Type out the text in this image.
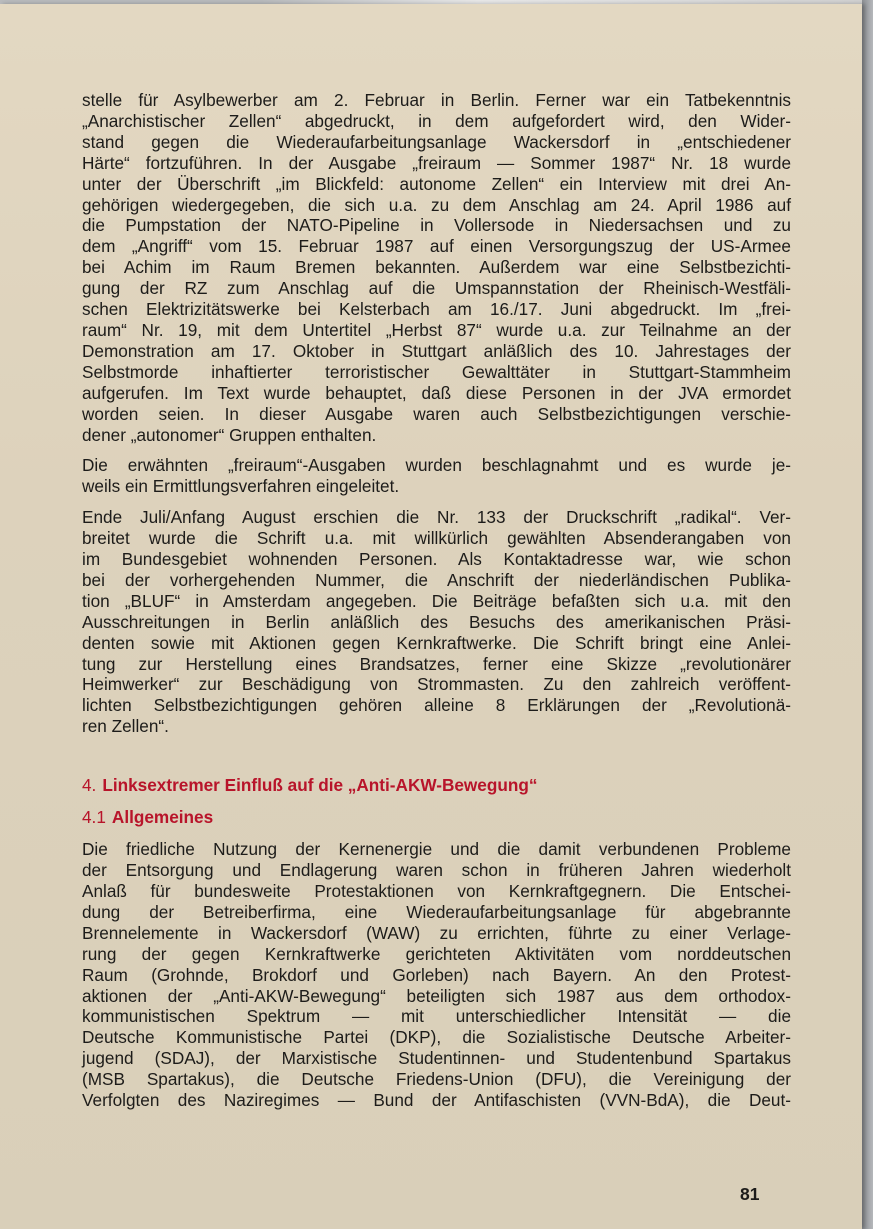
stelle für Asylbewerber am 2. Februar in Berlin. Ferner war ein Tatbekenntnis
„Anarchistischer Zellen“ abgedruckt, in dem aufgefordert wird, den Wider-
stand gegen die Wiederaufarbeitungsanlage Wackersdorf in „entschiedener
Härte“ fortzuführen. In der Ausgabe „freiraum — Sommer 1987“ Nr. 18 wurde
unter der Überschrift „im Blickfeld: autonome Zellen“ ein Interview mit drei An-
gehörigen wiedergegeben, die sich u.a. zu dem Anschlag am 24. April 1986 auf
die Pumpstation der NATO-Pipeline in Vollersode in Niedersachsen und zu
dem „Angriff“ vom 15. Februar 1987 auf einen Versorgungszug der US-Armee
bei Achim im Raum Bremen bekannten. Außerdem war eine Selbstbezichti-
gung der RZ zum Anschlag auf die Umspannstation der Rheinisch-Westfäli-
schen Elektrizitätswerke bei Kelsterbach am 16./17. Juni abgedruckt. Im „frei-
raum“ Nr. 19, mit dem Untertitel „Herbst 87“ wurde u.a. zur Teilnahme an der
Demonstration am 17. Oktober in Stuttgart anläßlich des 10. Jahrestages der
Selbstmorde inhaftierter terroristischer Gewalttäter in Stuttgart-Stammheim
aufgerufen. Im Text wurde behauptet, daß diese Personen in der JVA ermordet
worden seien. In dieser Ausgabe waren auch Selbstbezichtigungen verschie-
dener „autonomer“ Gruppen enthalten.

Die erwähnten „freiraum“-Ausgaben wurden beschlagnahmt und es wurde je-
weils ein Ermittlungsverfahren eingeleitet.

Ende Juli/Anfang August erschien die Nr. 133 der Druckschrift „radikal“. Ver-
breitet wurde die Schrift u.a. mit willkürlich gewählten Absenderangaben von
im Bundesgebiet wohnenden Personen. Als Kontaktadresse war, wie schon
bei der vorhergehenden Nummer, die Anschrift der niederländischen Publika-
tion „BLUF“ in Amsterdam angegeben. Die Beiträge befaßten sich u.a. mit den
Ausschreitungen in Berlin anläßlich des Besuchs des amerikanischen Präsi-
denten sowie mit Aktionen gegen Kernkraftwerke. Die Schrift bringt eine Anlei-
tung zur Herstellung eines Brandsatzes, ferner eine Skizze „revolutionärer
Heimwerker“ zur Beschädigung von Strommasten. Zu den zahlreich veröffent-
lichten Selbstbezichtigungen gehören alleine 8 Erklärungen der „Revolutionä-
ren Zellen“.

4. Linksextremer Einfluß auf die „Anti-AKW-Bewegung“
4.1 Allgemeines

Die friedliche Nutzung der Kernenergie und die damit verbundenen Probleme
der Entsorgung und Endlagerung waren schon in früheren Jahren wiederholt
Anlaß für bundesweite Protestaktionen von Kernkraftgegnern. Die Entschei-
dung der Betreiberfirma, eine Wiederaufarbeitungsanlage für abgebrannte
Brennelemente in Wackersdorf (WAW) zu errichten, führte zu einer Verlage-
rung der gegen Kernkraftwerke gerichteten Aktivitäten vom norddeutschen
Raum (Grohnde, Brokdorf und Gorleben) nach Bayern. An den Protest-
aktionen der „Anti-AKW-Bewegung“ beteiligten sich 1987 aus dem orthodox-
kommunistischen Spektrum — mit unterschiedlicher Intensität — die
Deutsche Kommunistische Partei (DKP), die Sozialistische Deutsche Arbeiter-
jugend (SDAJ), der Marxistische Studentinnen- und Studentenbund Spartakus
(MSB Spartakus), die Deutsche Friedens-Union (DFU), die Vereinigung der
Verfolgten des Naziregimes — Bund der Antifaschisten (VVN-BdA), die Deut-

81
